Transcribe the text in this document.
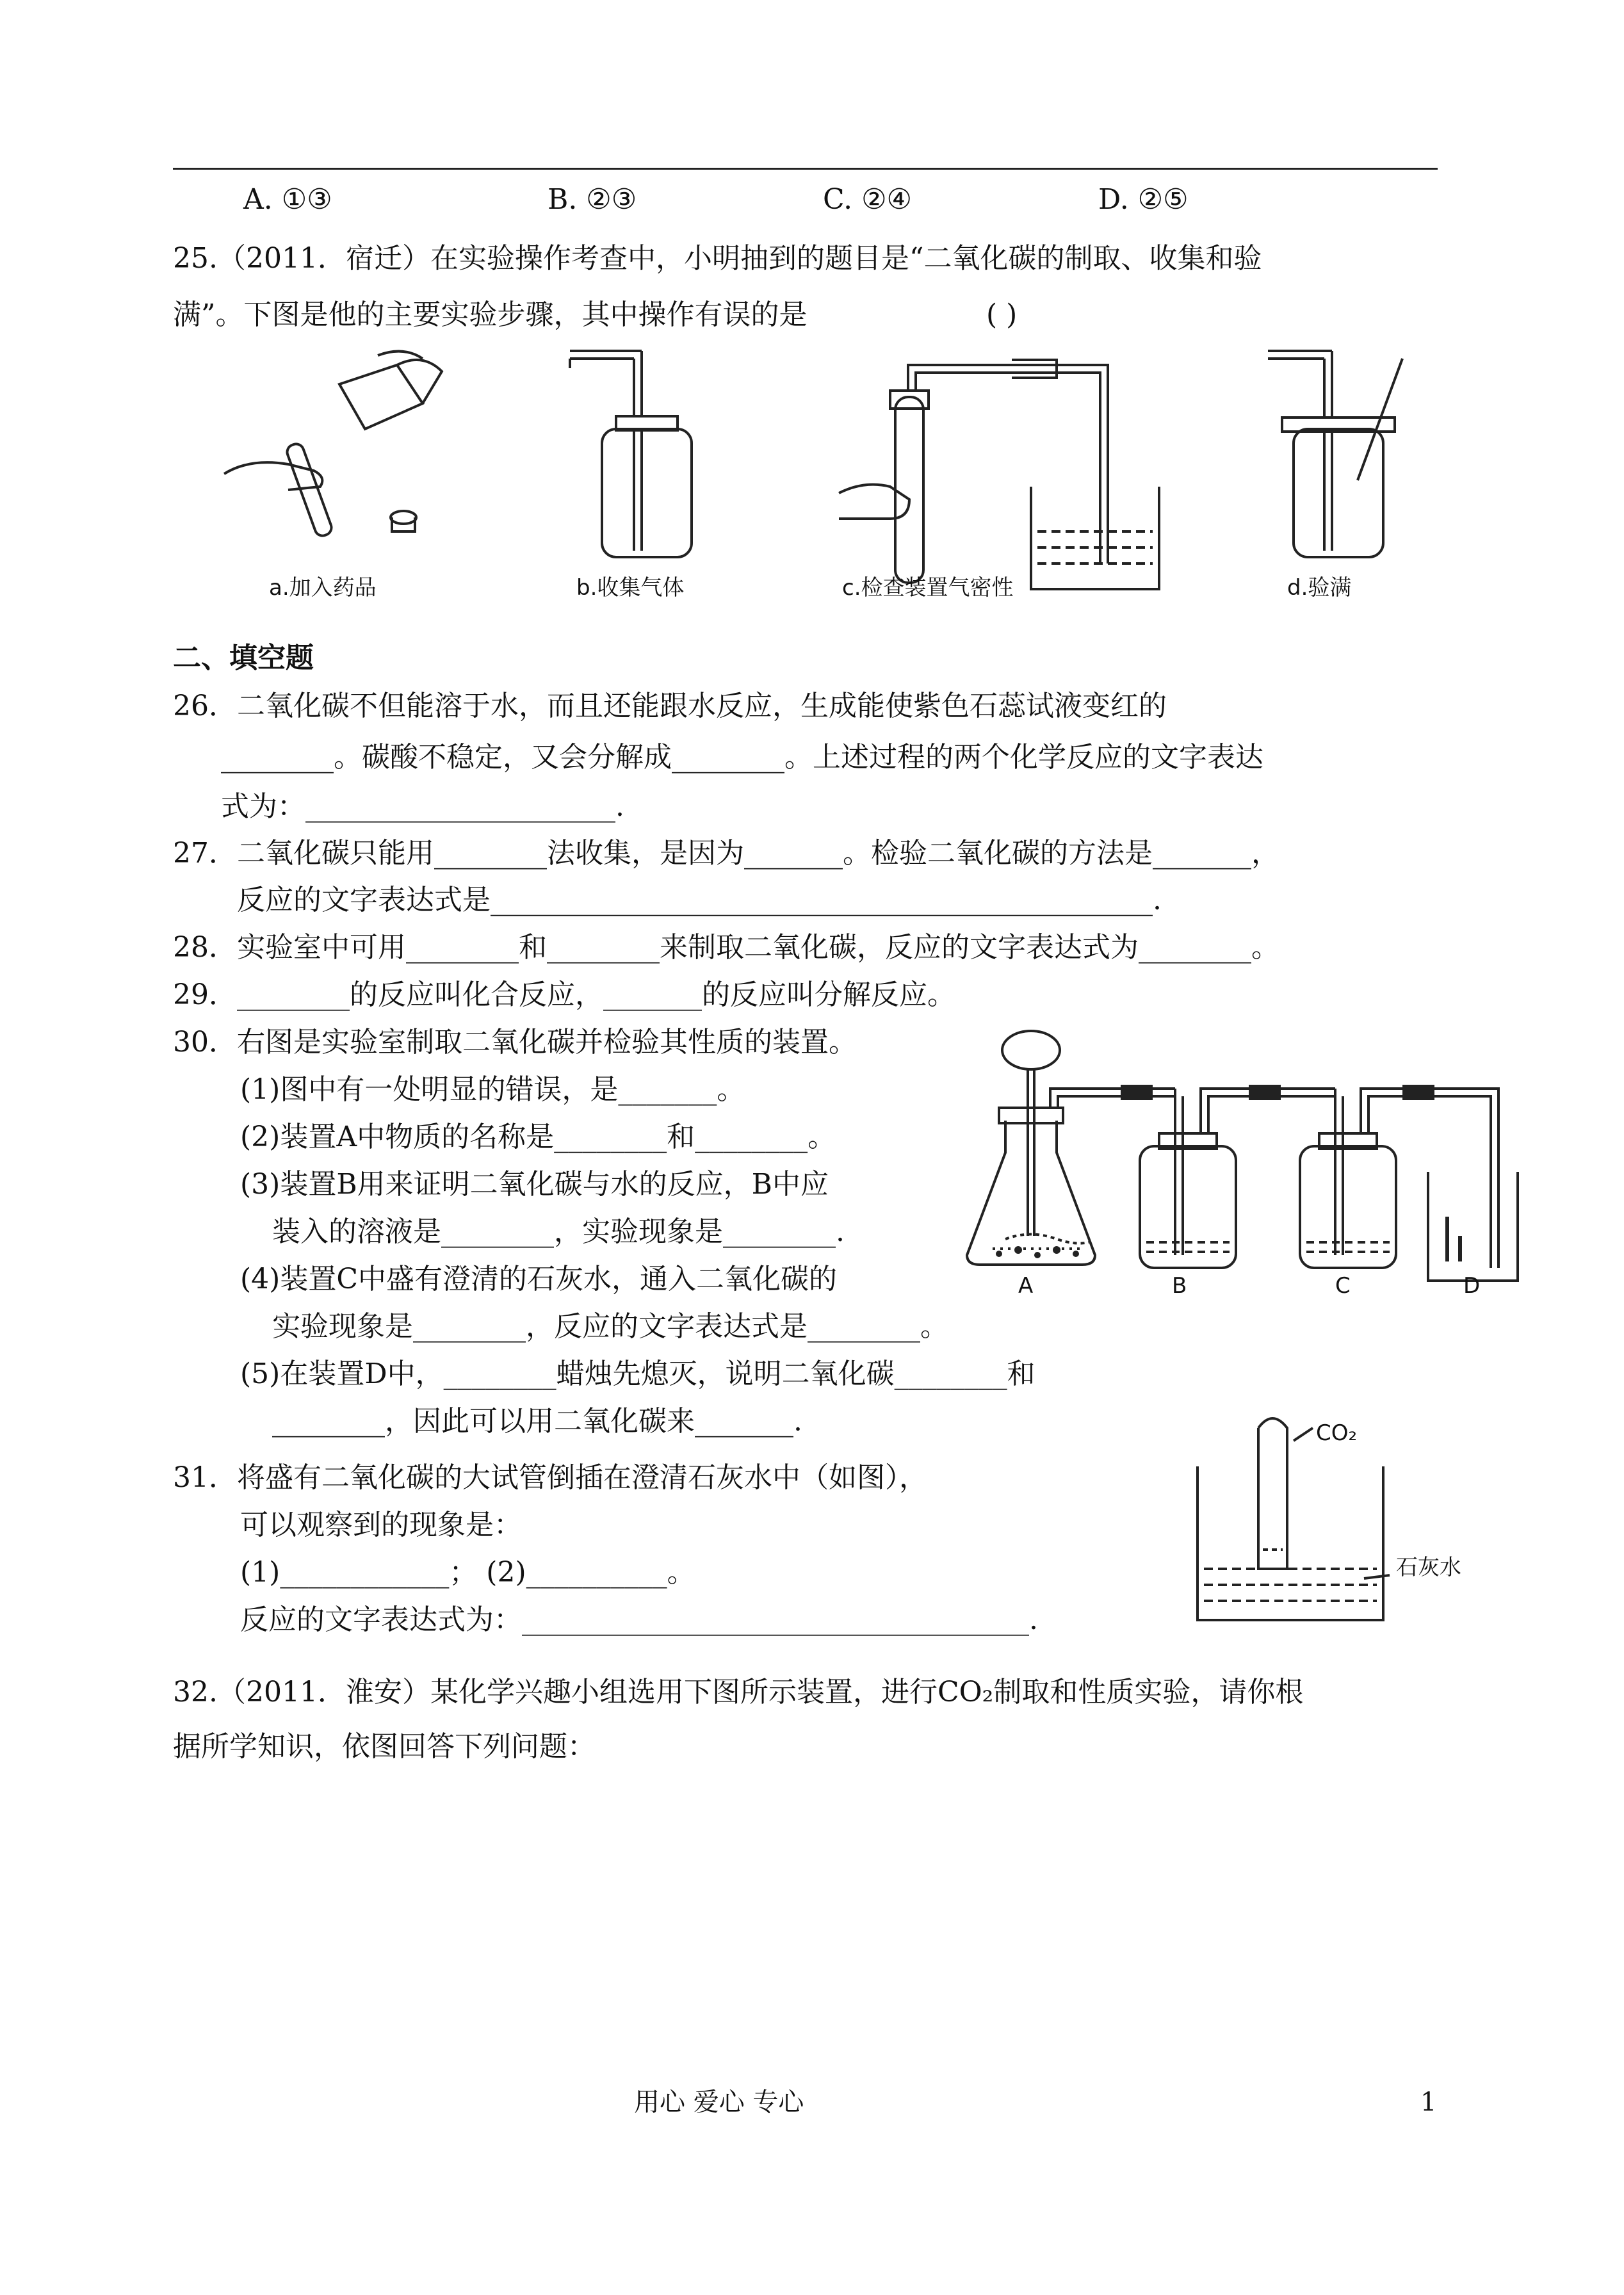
A. ①③	B. ②③	C. ②④	D. ②⑤
25.（2011．宿迁）在实验操作考查中，小明抽到的题目是“二氧化碳的制取、收集和验
满”。下图是他的主要实验步骤，其中操作有误的是	( )
a.加入药品	b.收集气体	c.检查装置气密性	d.验满
二、填空题
26．二氧化碳不但能溶于水，而且还能跟水反应，生成能使紫色石蕊试液变红的
________。碳酸不稳定，又会分解成________。上述过程的两个化学反应的文字表达
式为：______________________.
27．二氧化碳只能用________法收集，是因为_______。检验二氧化碳的方法是_______，
反应的文字表达式是_______________________________________________.
28．实验室中可用________和________来制取二氧化碳，反应的文字表达式为________。
29．________的反应叫化合反应，_______的反应叫分解反应。
30．右图是实验室制取二氧化碳并检验其性质的装置。
(1)图中有一处明显的错误，是_______。
(2)装置A中物质的名称是________和________。
(3)装置B用来证明二氧化碳与水的反应，B中应
装入的溶液是________，实验现象是________.
(4)装置C中盛有澄清的石灰水，通入二氧化碳的
实验现象是________，反应的文字表达式是________。
(5)在装置D中，________蜡烛先熄灭，说明二氧化碳________和
________，因此可以用二氧化碳来_______.
A	B	C	D
31．将盛有二氧化碳的大试管倒插在澄清石灰水中（如图），
可以观察到的现象是：
(1)____________； (2)__________。
反应的文字表达式为：____________________________________.
CO₂
石灰水
32.（2011．淮安）某化学兴趣小组选用下图所示装置，进行CO₂制取和性质实验，请你根
据所学知识，依图回答下列问题：
用心 爱心 专心	1
